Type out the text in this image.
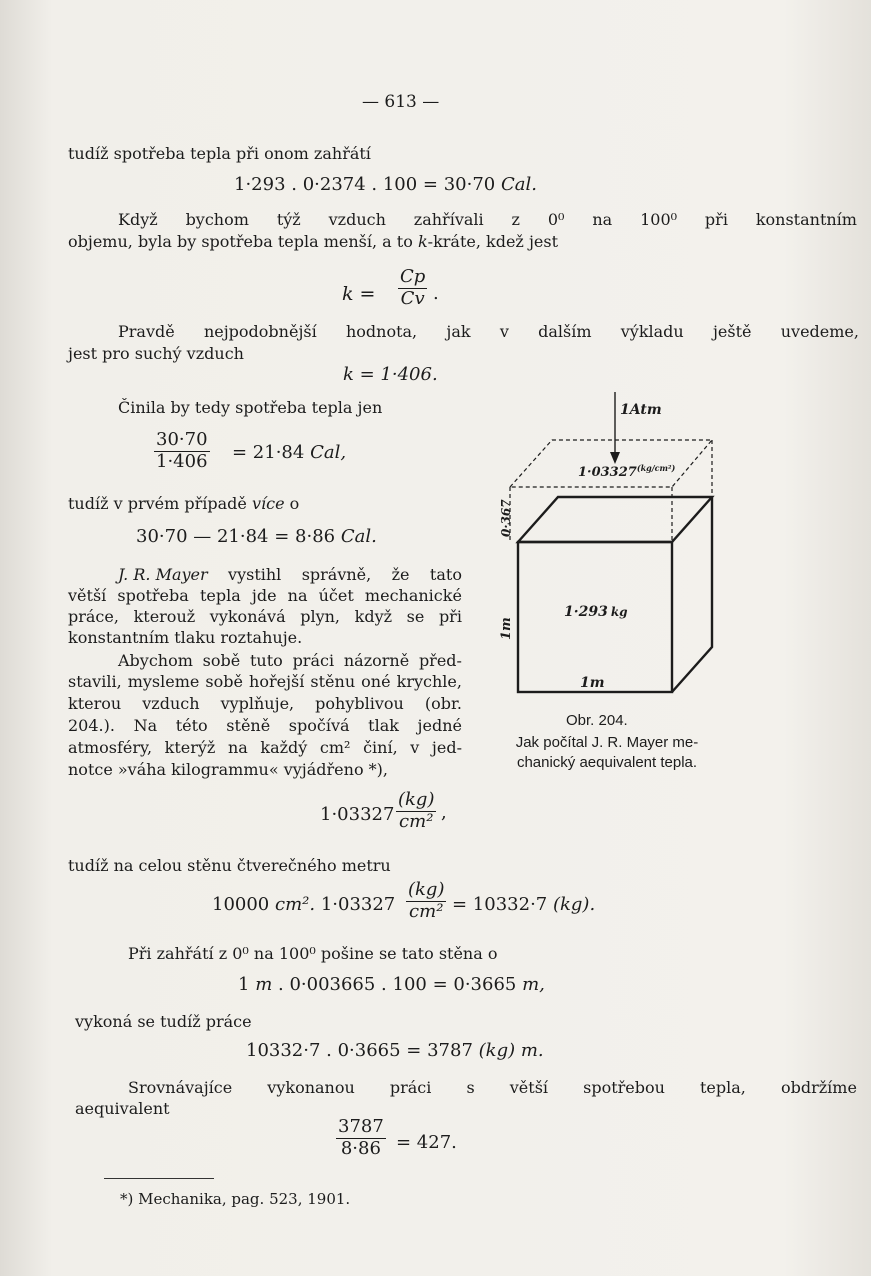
— 613 —
tudíž spotřeba tepla při onom zahřátí
1·293 . 0·2374 . 100 = 30·70 Cal.
Když bychom týž vzduch zahřívali z 0⁰ na 100⁰ při konstantním
objemu, byla by spotřeba tepla menší, a to k-kráte, kdež jest
$k = \frac{Cp}{Cv}$ .
Pravdě nejpodobnější hodnota, jak v dalším výkladu ještě uvedeme,
jest pro suchý vzduch
k = 1·406.
Činila by tedy spotřeba tepla jen
$\frac{30\cdot 70}{1\cdot 406} = 21\cdot 84$ Cal,
tudíž v prvém případě více o
30·70 — 21·84 = 8·86 Cal.
J. R. Mayer vystihl správně, že tato
větší spotřeba tepla jde na účet mechanické
práce, kterouž vykonává plyn, když se při
konstantním tlaku roztahuje.
Abychom sobě tuto práci názorně před-
stavili, mysleme sobě hořejší stěnu oné krychle,
kterou vzduch vyplňuje, pohyblivou (obr.
204.). Na této stěně spočívá tlak jedné
atmosféry, kterýž na každý cm² činí, v jed-
notce »váha kilogrammu« vyjádřeno *),
$1\cdot 03327 \frac{(kg)}{\text{cm²}}$ ,
tudíž na celou stěnu čtverečného metru
10000 cm². $1\cdot 03327 \frac{(kg)}{\text{cm²}} = 10332\cdot 7$ (kg).
Při zahřátí z 0⁰ na 100⁰ pošine se tato stěna o
1 m . 0·003665 . 100 = 0·3665 m,
vykoná se tudíž práce
10332·7 . 0·3665 = 3787 (kg) m.
Srovnávajíce vykonanou práci s větší spotřebou tepla, obdržíme
aequivalent
$\frac{3787}{8\cdot 86} = 427$.
*) Mechanika, pag. 523, 1901.
1Atm
$1\cdot 03327^{(kg/cm^2)}$
0·367
1·293 kg
1m
1m
Obr. 204.
Jak počítal J. R. Mayer me-
chanický aequivalent tepla.
